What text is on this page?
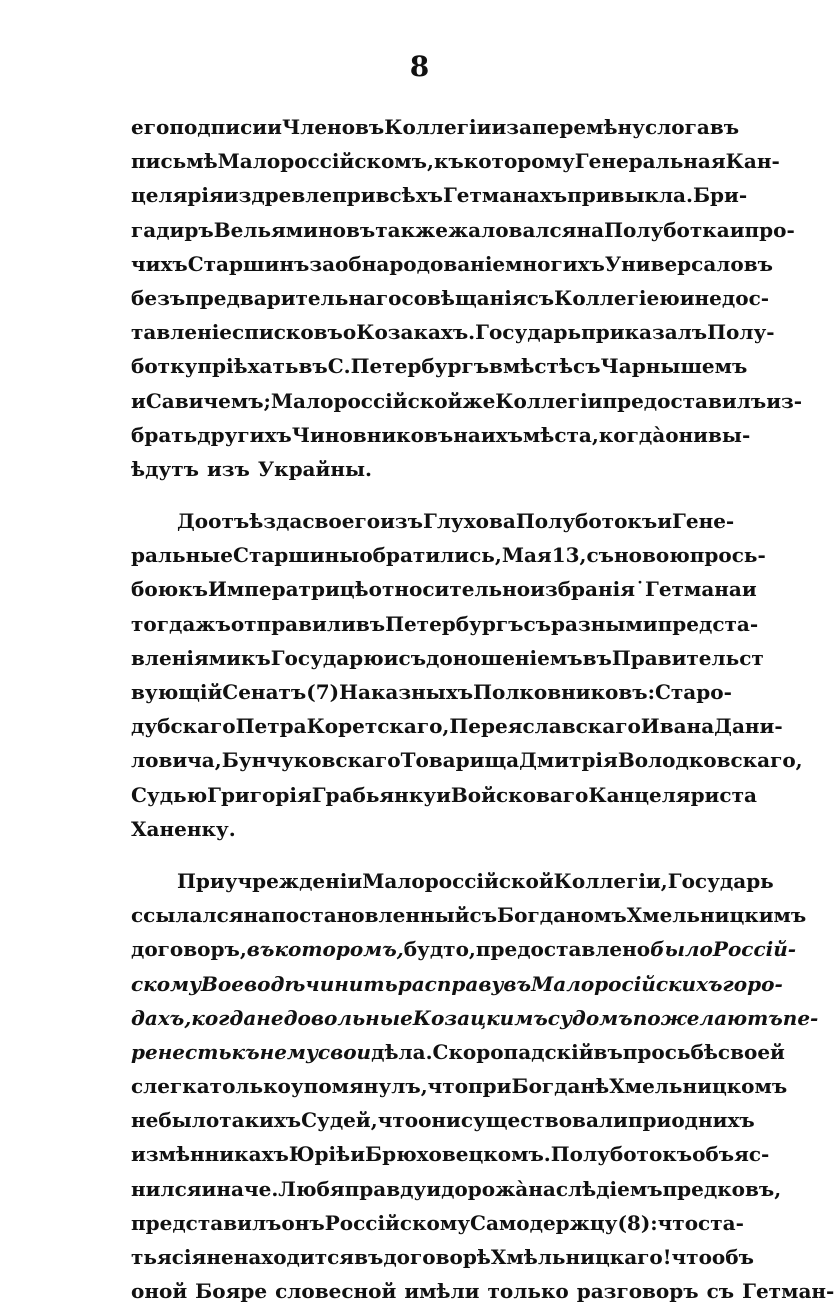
8
его подписи и Членовъ Коллегіи и за перемѣну слога въ
письмѣ Малороссійскомъ, къ которому Генеральная Кан-
целярія издревле при всѣхъ Гетманахъ привыкла. Бри-
гадиръ Вельяминовъ также жаловался на Полуботка и про-
чихъ Старшинъ за обнародованіе многихъ Универсаловъ
безъ предварительнаго совѣщанія съ Коллегіею и недос-
тавленіе списковъ о Козакахъ. Государь приказалъ Полу-
ботку пріѣхать въ С. Петербургъ вмѣстѣ съ Чарнышемъ
и Савичемъ; Малороссійской же Коллегіи предоставилъ из-
брать другихъ Чиновниковъ на ихъ мѣста, когдà они вы-
ѣдутъ изъ Украйны.
До отъѣзда своего изъ Глухова Полуботокъ и Гене-
ральные Старшины обратились, Мая 13, съ новою прось-
бою къ Императрицѣ относительно избранія ˙Гетмана и
тогдажъ отправили въ Петербургъ съ разными предста-
вленіями къ Государю и съ доношеніемъ въ Правительст
вующій Сенатъ (7) Наказныхъ Полковниковъ: Старо-
дубскаго Петра Коретскаго, Переяславскаго Ивана Дани-
ловича, Бунчуковскаго Товарища Дмитрія Володковскаго,
Судью Григорія Грабьянку и Войсковаго Канцеляриста
Ханенку.
При учрежденіи Малороссійской Коллегіи, Государь
ссылался на постановленный съ Богданомъ Хмельницкимъ
договоръ, въ которомъ, будто, предоставлено было Россій-
скому Воеводѣ чинить расправу въ Малоросійскихъ горо-
дахъ, когда недовольные Козацкимъ судомъ пожелаютъ пе-
ренесть къ нему свои дѣла. Скоропадскій въ просьбѣ своей
слегка только упомянулъ, что при Богданѣ Хмельницкомъ
не было такихъ Судей, что они существовали при однихъ
измѣнникахъ Юріѣ и Брюховецкомъ. Полуботокъ объяс-
нился иначе. Любя правду и дорожà наслѣдіемъ предковъ,
представилъ онъ Россійскому Самодержцу (8): что ста-
тья сія не находится въ договорѣ Хмѣльницкаго! что объ
оной Бояре словесной имѣли только разговоръ съ Гетман-
